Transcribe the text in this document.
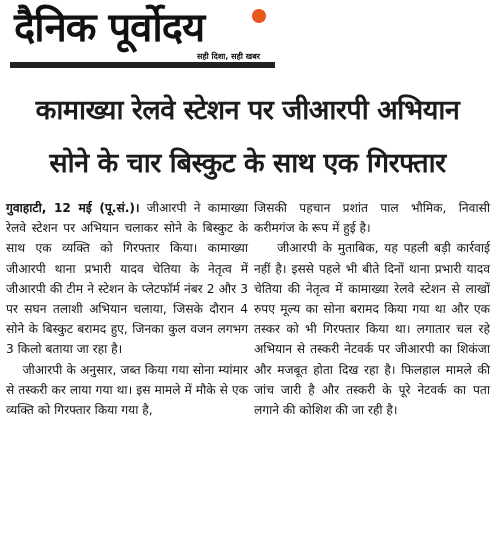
दैनिक पूर्वोदय
सही दिशा, सही खबर
कामाख्या रेलवे स्टेशन पर जीआरपी अभियान
सोने के चार बिस्कुट के साथ एक गिरफ्तार

गुवाहाटी, 12 मई (पू.सं.)। जीआरपी ने कामाख्या रेलवे स्टेशन पर अभियान चलाकर सोने के बिस्कुट के साथ एक व्यक्ति को गिरफ्तार किया। कामाख्या जीआरपी थाना प्रभारी यादव चेतिया के नेतृत्व में जीआरपी की टीम ने स्टेशन के प्लेटफॉर्म नंबर 2 और 3 पर सघन तलाशी अभियान चलाया, जिसके दौरान 4 सोने के बिस्कुट बरामद हुए, जिनका कुल वजन लगभग 3 किलो बताया जा रहा है।

जीआरपी के अनुसार, जब्त किया गया सोना म्यांमार से तस्करी कर लाया गया था। इस मामले में मौके से एक व्यक्ति को गिरफ्तार किया गया है,

जिसकी पहचान प्रशांत पाल भौमिक, निवासी करीमगंज के रूप में हुई है।

जीआरपी के मुताबिक, यह पहली बड़ी कार्रवाई नहीं है। इससे पहले भी बीते दिनों थाना प्रभारी यादव चेतिया की नेतृत्व में कामाख्या रेलवे स्टेशन से लाखों रुपए मूल्य का सोना बरामद किया गया था और एक तस्कर को भी गिरफ्तार किया था। लगातार चल रहे अभियान से तस्करी नेटवर्क पर जीआरपी का शिकंजा और मजबूत होता दिख रहा है। फिलहाल मामले की जांच जारी है और तस्करी के पूरे नेटवर्क का पता लगाने की कोशिश की जा रही है।
